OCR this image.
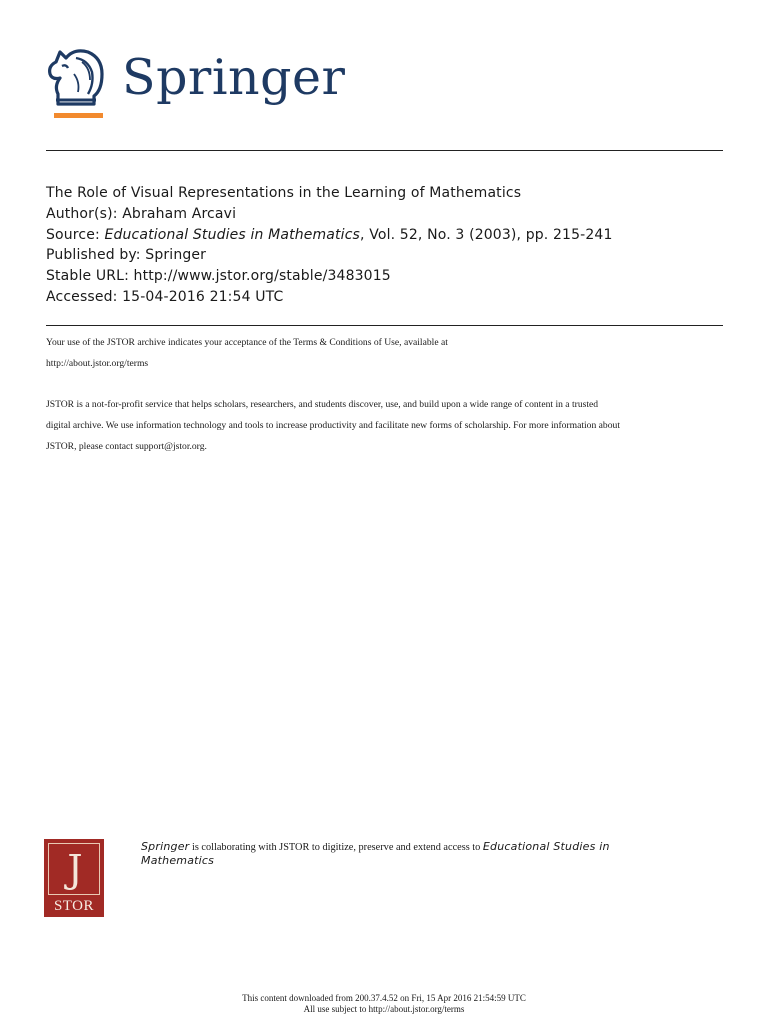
Springer
The Role of Visual Representations in the Learning of Mathematics
Author(s): Abraham Arcavi
Source: Educational Studies in Mathematics, Vol. 52, No. 3 (2003), pp. 215-241
Published by: Springer
Stable URL: http://www.jstor.org/stable/3483015
Accessed: 15-04-2016 21:54 UTC
Your use of the JSTOR archive indicates your acceptance of the Terms & Conditions of Use, available at
http://about.jstor.org/terms
JSTOR is a not-for-profit service that helps scholars, researchers, and students discover, use, and build upon a wide range of content in a trusted
digital archive. We use information technology and tools to increase productivity and facilitate new forms of scholarship. For more information about
JSTOR, please contact support@jstor.org.
J
STOR
Springer is collaborating with JSTOR to digitize, preserve and extend access to Educational Studies in
Mathematics
This content downloaded from 200.37.4.52 on Fri, 15 Apr 2016 21:54:59 UTC
All use subject to http://about.jstor.org/terms
